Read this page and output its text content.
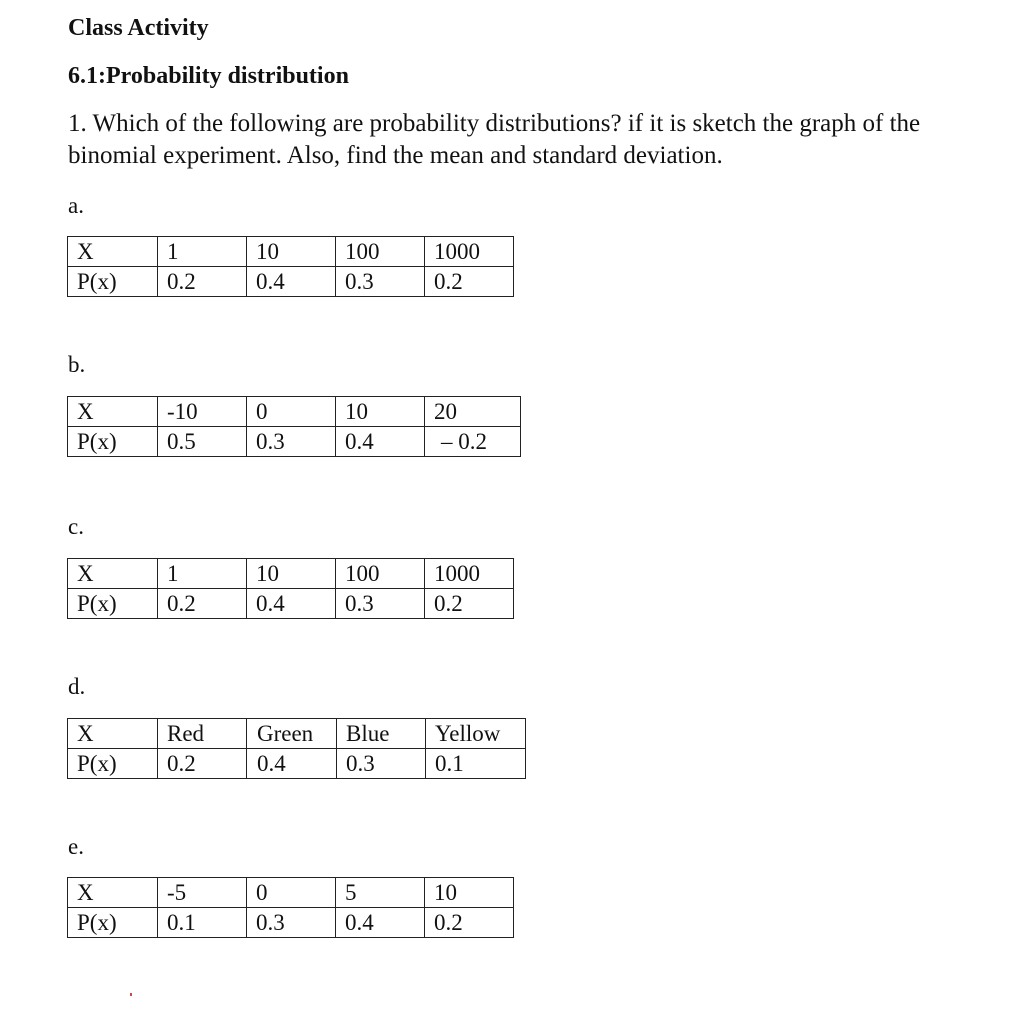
Class Activity
6.1:Probability distribution
1. Which of the following are probability distributions? if it is sketch the graph of the binomial experiment. Also, find the mean and standard deviation.
a.
X	1	10	100	1000
P(x)	0.2	0.4	0.3	0.2
b.
X	-10	0	10	20
P(x)	0.5	0.3	0.4	– 0.2
c.
X	1	10	100	1000
P(x)	0.2	0.4	0.3	0.2
d.
X	Red	Green	Blue	Yellow
P(x)	0.2	0.4	0.3	0.1
e.
X	-5	0	5	10
P(x)	0.1	0.3	0.4	0.2
